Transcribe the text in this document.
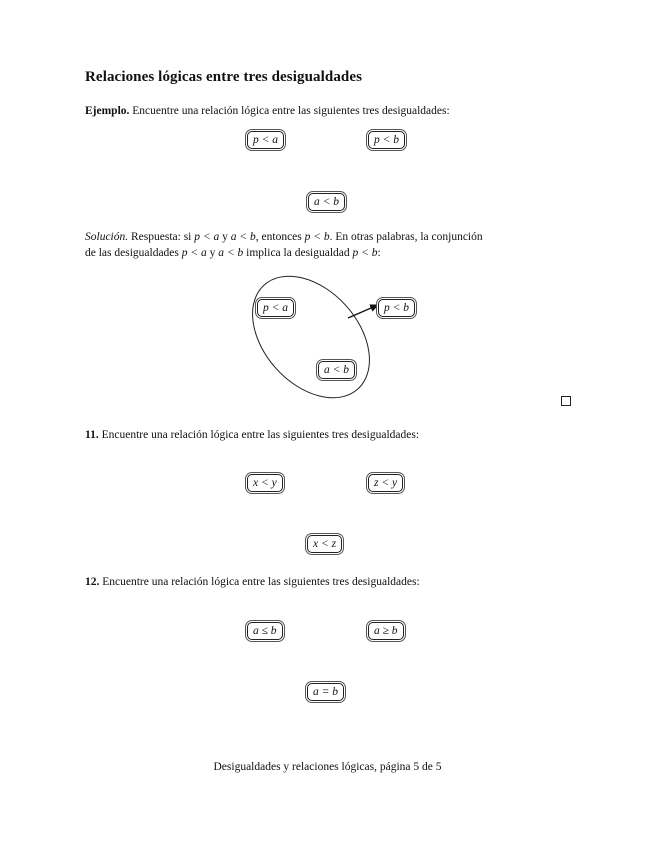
Relaciones lógicas entre tres desigualdades
Ejemplo. Encuentre una relación lógica entre las siguientes tres desigualdades:
p < a	p < b
a < b
Solución. Respuesta: si p < a y a < b, entonces p < b. En otras palabras, la conjunción
de las desigualdades p < a y a < b implica la desigualdad p < b:
p < a	p < b
a < b
11. Encuentre una relación lógica entre las siguientes tres desigualdades:
x < y	z < y
x < z
12. Encuentre una relación lógica entre las siguientes tres desigualdades:
a ≤ b	a ≥ b
a = b
Desigualdades y relaciones lógicas, página 5 de 5
